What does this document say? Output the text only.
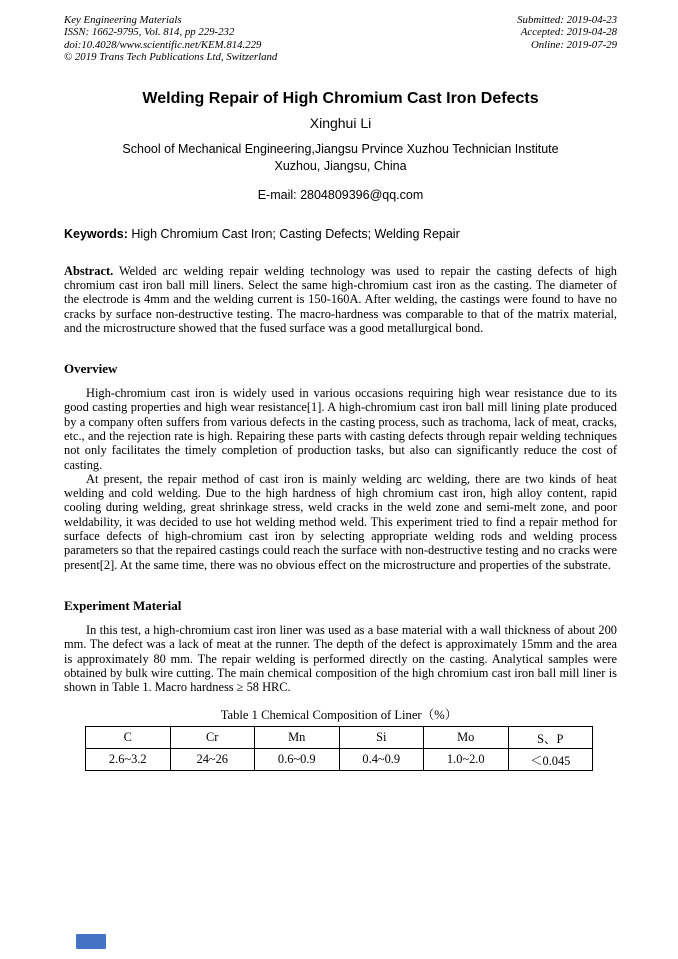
Key Engineering Materials
ISSN: 1662-9795, Vol. 814, pp 229-232
doi:10.4028/www.scientific.net/KEM.814.229
© 2019 Trans Tech Publications Ltd, Switzerland
Submitted: 2019-04-23
Accepted: 2019-04-28
Online: 2019-07-29
Welding Repair of High Chromium Cast Iron Defects
Xinghui Li
School of Mechanical Engineering,Jiangsu Prvince Xuzhou Technician Institute
Xuzhou, Jiangsu, China
E-mail: 2804809396@qq.com
Keywords: High Chromium Cast Iron; Casting Defects; Welding Repair
Abstract. Welded arc welding repair welding technology was used to repair the casting defects of high chromium cast iron ball mill liners. Select the same high-chromium cast iron as the casting. The diameter of the electrode is 4mm and the welding current is 150-160A. After welding, the castings were found to have no cracks by surface non-destructive testing. The macro-hardness was comparable to that of the matrix material, and the microstructure showed that the fused surface was a good metallurgical bond.
Overview

High-chromium cast iron is widely used in various occasions requiring high wear resistance due to its good casting properties and high wear resistance[1]. A high-chromium cast iron ball mill lining plate produced by a company often suffers from various defects in the casting process, such as trachoma, lack of meat, cracks, etc., and the rejection rate is high. Repairing these parts with casting defects through repair welding techniques not only facilitates the timely completion of production tasks, but also can significantly reduce the cost of casting.

At present, the repair method of cast iron is mainly welding arc welding, there are two kinds of heat welding and cold welding. Due to the high hardness of high chromium cast iron, high alloy content, rapid cooling during welding, great shrinkage stress, weld cracks in the weld zone and semi-melt zone, and poor weldability, it was decided to use hot welding method weld. This experiment tried to find a repair method for surface defects of high-chromium cast iron by selecting appropriate welding rods and welding process parameters so that the repaired castings could reach the surface with non-destructive testing and no cracks were present[2]. At the same time, there was no obvious effect on the microstructure and properties of the substrate.

Experiment Material

In this test, a high-chromium cast iron liner was used as a base material with a wall thickness of about 200 mm. The defect was a lack of meat at the runner. The depth of the defect is approximately 15mm and the area is approximately 80 mm. The repair welding is performed directly on the casting. Analytical samples were obtained by bulk wire cutting. The main chemical composition of the high chromium cast iron ball mill liner is shown in Table 1. Macro hardness ≥ 58 HRC.

Table 1 Chemical Composition of Liner（%）
C	Cr	Mn	Si	Mo	S、P
2.6~3.2	24~26	0.6~0.9	0.4~0.9	1.0~2.0	＜0.045
